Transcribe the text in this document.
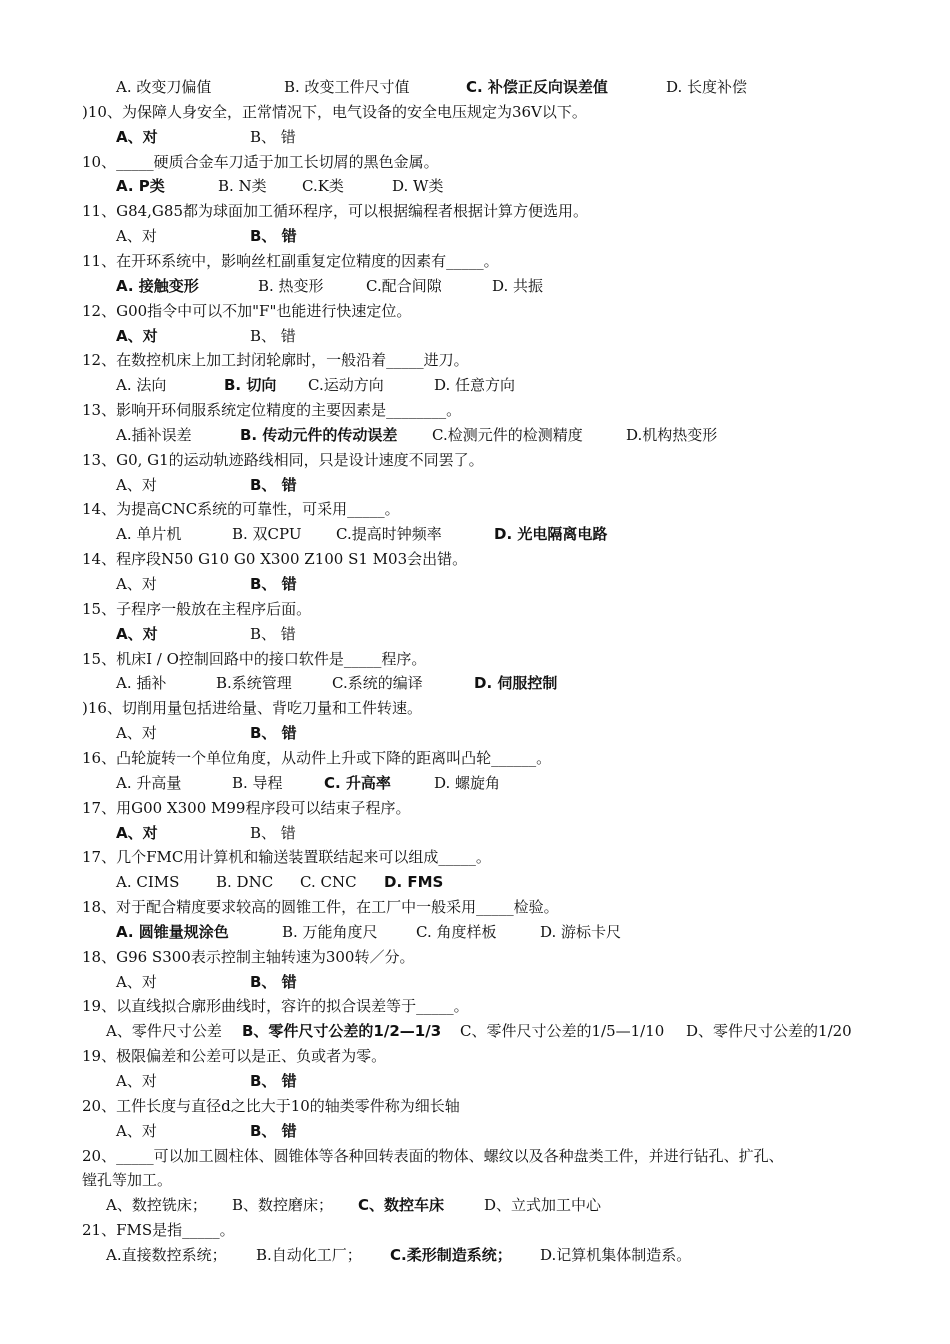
A. 改变刀偏值	B. 改变工件尺寸值	C. 补偿正反向误差值	D. 长度补偿
)10、为保障人身安全，正常情况下，电气设备的安全电压规定为36V以下。
A、对	B、 错
10、_____硬质合金车刀适于加工长切屑的黑色金属。
A. P类	B. N类 C.K类	D. W类
11、G84,G85都为球面加工循环程序，可以根据编程者根据计算方便选用。
A、对	B、 错
11、在开环系统中，影响丝杠副重复定位精度的因素有_____。
A. 接触变形	B. 热变形	C.配合间隙	D. 共振
12、G00指令中可以不加"F"也能进行快速定位。
A、对	B、 错
12、在数控机床上加工封闭轮廓时，一般沿着_____进刀。
A. 法向	B. 切向 C.运动方向	D. 任意方向
13、影响开环伺服系统定位精度的主要因素是________。
A.插补误差	B. 传动元件的传动误差 C.检测元件的检测精度	D.机构热变形
13、G0, G1的运动轨迹路线相同，只是设计速度不同罢了。
A、对	B、 错
14、为提高CNC系统的可靠性，可采用_____。
A. 单片机	B. 双CPU C.提高时钟频率	D. 光电隔离电路
14、程序段N50 G10 G0 X300 Z100 S1 M03会出错。
A、对	B、 错
15、子程序一般放在主程序后面。
A、对	B、 错
15、机床I / O控制回路中的接口软件是_____程序。
A. 插补	B.系统管理	C.系统的编译	D. 伺服控制
)16、切削用量包括进给量、背吃刀量和工件转速。
A、对	B、 错
16、凸轮旋转一个单位角度，从动件上升或下降的距离叫凸轮______。
A. 升高量	B. 导程	C. 升高率	D. 螺旋角
17、用G00 X300 M99程序段可以结束子程序。
A、对	B、 错
17、几个FMC用计算机和输送装置联结起来可以组成_____。
A. CIMS B. DNC C. CNC D. FMS
18、对于配合精度要求较高的圆锥工件，在工厂中一般采用_____检验。
A. 圆锥量规涂色	B. 万能角度尺	C. 角度样板	D. 游标卡尺
18、G96 S300表示控制主轴转速为300转／分。
A、对	B、 错
19、以直线拟合廓形曲线时，容许的拟合误差等于_____。
A、零件尺寸公差 B、零件尺寸公差的1/2—1/3 C、零件尺寸公差的1/5—1/10 D、零件尺寸公差的1/20
19、极限偏差和公差可以是正、负或者为零。
A、对	B、 错
20、工件长度与直径d之比大于10的轴类零件称为细长轴
A、对	B、 错
20、_____可以加工圆柱体、圆锥体等各种回转表面的物体、螺纹以及各种盘类工件，并进行钻孔、扩孔、
镗孔等加工。
A、数控铣床； B、数控磨床； C、数控车床	D、立式加工中心
21、FMS是指_____。
A.直接数控系统； B.自动化工厂； C.柔形制造系统； D.记算机集体制造系。
